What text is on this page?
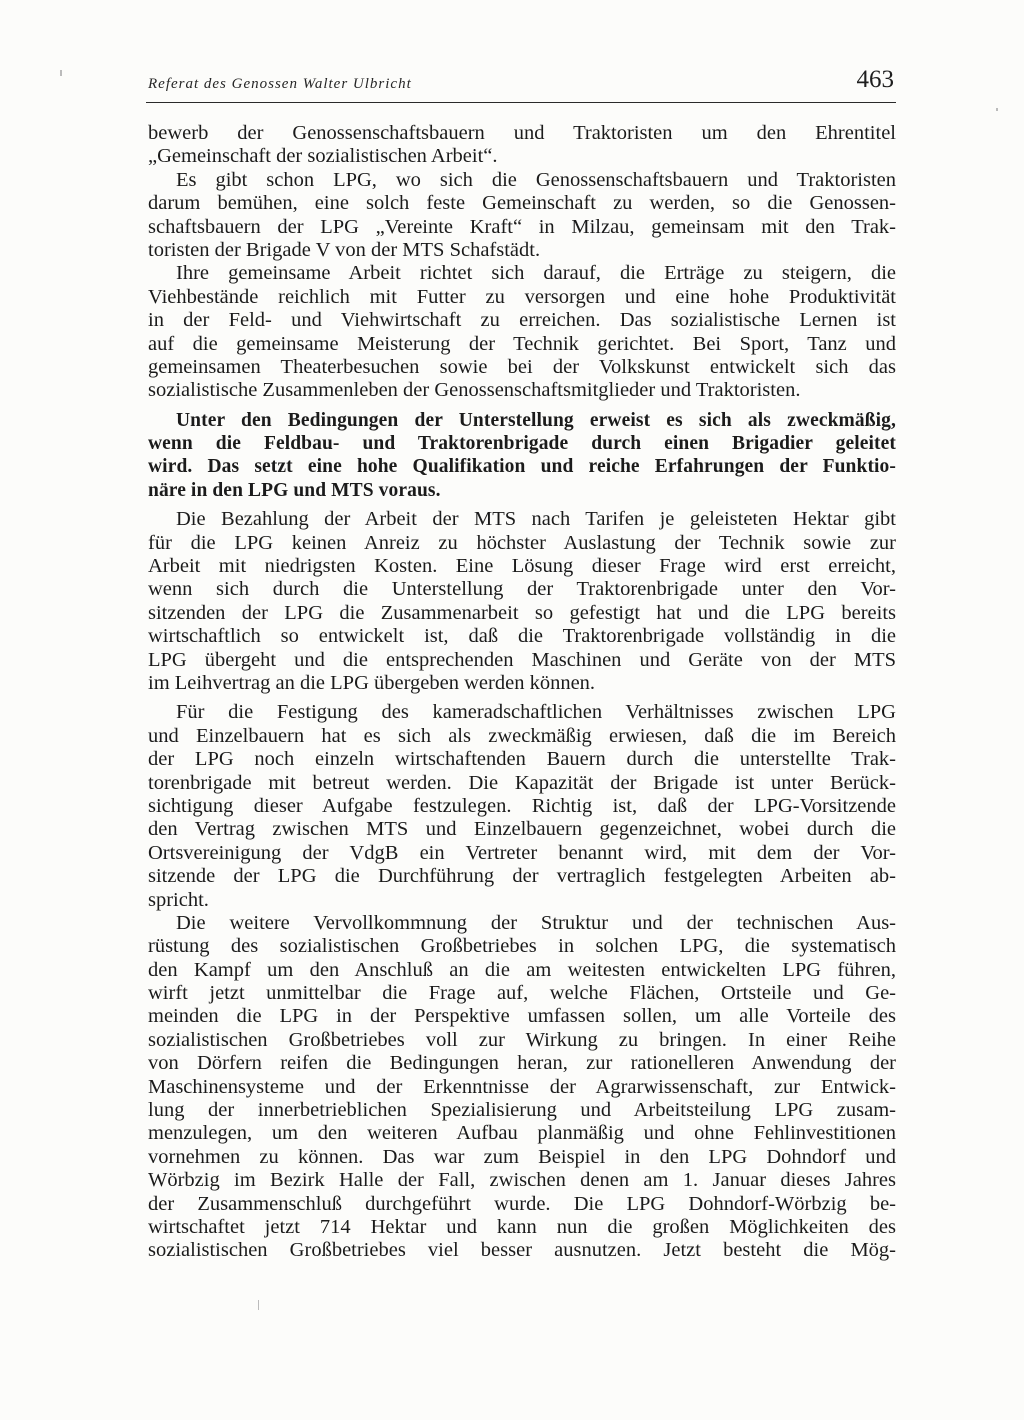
Referat des Genossen Walter Ulbricht	463
bewerb der Genossenschaftsbauern und Traktoristen um den Ehrentitel
„Gemeinschaft der sozialistischen Arbeit“.
Es gibt schon LPG, wo sich die Genossenschaftsbauern und Traktoristen
darum bemühen, eine solch feste Gemeinschaft zu werden, so die Genossen-
schaftsbauern der LPG „Vereinte Kraft“ in Milzau, gemeinsam mit den Trak-
toristen der Brigade V von der MTS Schafstädt.
Ihre gemeinsame Arbeit richtet sich darauf, die Erträge zu steigern, die
Viehbestände reichlich mit Futter zu versorgen und eine hohe Produktivität
in der Feld- und Viehwirtschaft zu erreichen. Das sozialistische Lernen ist
auf die gemeinsame Meisterung der Technik gerichtet. Bei Sport, Tanz und
gemeinsamen Theaterbesuchen sowie bei der Volkskunst entwickelt sich das
sozialistische Zusammenleben der Genossenschaftsmitglieder und Traktoristen.
Unter den Bedingungen der Unterstellung erweist es sich als zweckmäßig,
wenn die Feldbau- und Traktorenbrigade durch einen Brigadier geleitet
wird. Das setzt eine hohe Qualifikation und reiche Erfahrungen der Funktio-
näre in den LPG und MTS voraus.
Die Bezahlung der Arbeit der MTS nach Tarifen je geleisteten Hektar gibt
für die LPG keinen Anreiz zu höchster Auslastung der Technik sowie zur
Arbeit mit niedrigsten Kosten. Eine Lösung dieser Frage wird erst erreicht,
wenn sich durch die Unterstellung der Traktorenbrigade unter den Vor-
sitzenden der LPG die Zusammenarbeit so gefestigt hat und die LPG bereits
wirtschaftlich so entwickelt ist, daß die Traktorenbrigade vollständig in die
LPG übergeht und die entsprechenden Maschinen und Geräte von der MTS
im Leihvertrag an die LPG übergeben werden können.
Für die Festigung des kameradschaftlichen Verhältnisses zwischen LPG
und Einzelbauern hat es sich als zweckmäßig erwiesen, daß die im Bereich
der LPG noch einzeln wirtschaftenden Bauern durch die unterstellte Trak-
torenbrigade mit betreut werden. Die Kapazität der Brigade ist unter Berück-
sichtigung dieser Aufgabe festzulegen. Richtig ist, daß der LPG-Vorsitzende
den Vertrag zwischen MTS und Einzelbauern gegenzeichnet, wobei durch die
Ortsvereinigung der VdgB ein Vertreter benannt wird, mit dem der Vor-
sitzende der LPG die Durchführung der vertraglich festgelegten Arbeiten ab-
spricht.
Die weitere Vervollkommnung der Struktur und der technischen Aus-
rüstung des sozialistischen Großbetriebes in solchen LPG, die systematisch
den Kampf um den Anschluß an die am weitesten entwickelten LPG führen,
wirft jetzt unmittelbar die Frage auf, welche Flächen, Ortsteile und Ge-
meinden die LPG in der Perspektive umfassen sollen, um alle Vorteile des
sozialistischen Großbetriebes voll zur Wirkung zu bringen. In einer Reihe
von Dörfern reifen die Bedingungen heran, zur rationelleren Anwendung der
Maschinensysteme und der Erkenntnisse der Agrarwissenschaft, zur Entwick-
lung der innerbetrieblichen Spezialisierung und Arbeitsteilung LPG zusam-
menzulegen, um den weiteren Aufbau planmäßig und ohne Fehlinvestitionen
vornehmen zu können. Das war zum Beispiel in den LPG Dohndorf und
Wörbzig im Bezirk Halle der Fall, zwischen denen am 1. Januar dieses Jahres
der Zusammenschluß durchgeführt wurde. Die LPG Dohndorf-Wörbzig be-
wirtschaftet jetzt 714 Hektar und kann nun die großen Möglichkeiten des
sozialistischen Großbetriebes viel besser ausnutzen. Jetzt besteht die Mög-
